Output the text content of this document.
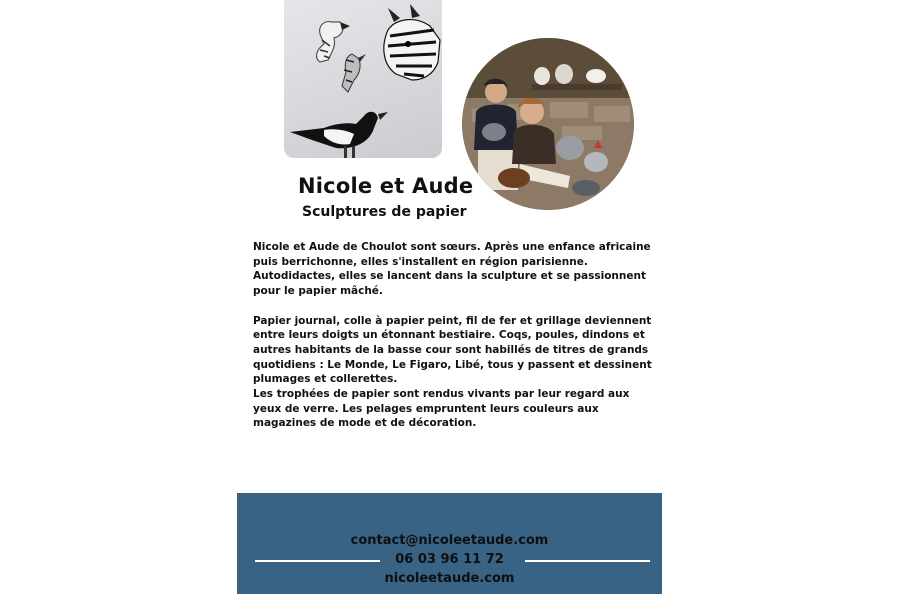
Nicole et Aude
Sculptures de papier

Nicole et Aude de Choulot sont sœurs. Après une enfance africaine puis berrichonne, elles s'installent en région parisienne.

Autodidactes, elles se lancent dans la sculpture et se passionnent pour le papier mâché.

Papier journal, colle à papier peint, fil de fer et grillage deviennent entre leurs doigts un étonnant bestiaire. Coqs, poules, dindons et autres habitants de la basse cour sont habillés de titres de grands quotidiens : Le Monde, Le Figaro, Libé, tous y passent et dessinent plumages et collerettes.

Les trophées de papier sont rendus vivants par leur regard aux yeux de verre. Les pelages empruntent leurs couleurs aux magazines de mode et de décoration.

contact@nicoleetaude.com
06 03 96 11 72
nicoleetaude.com
